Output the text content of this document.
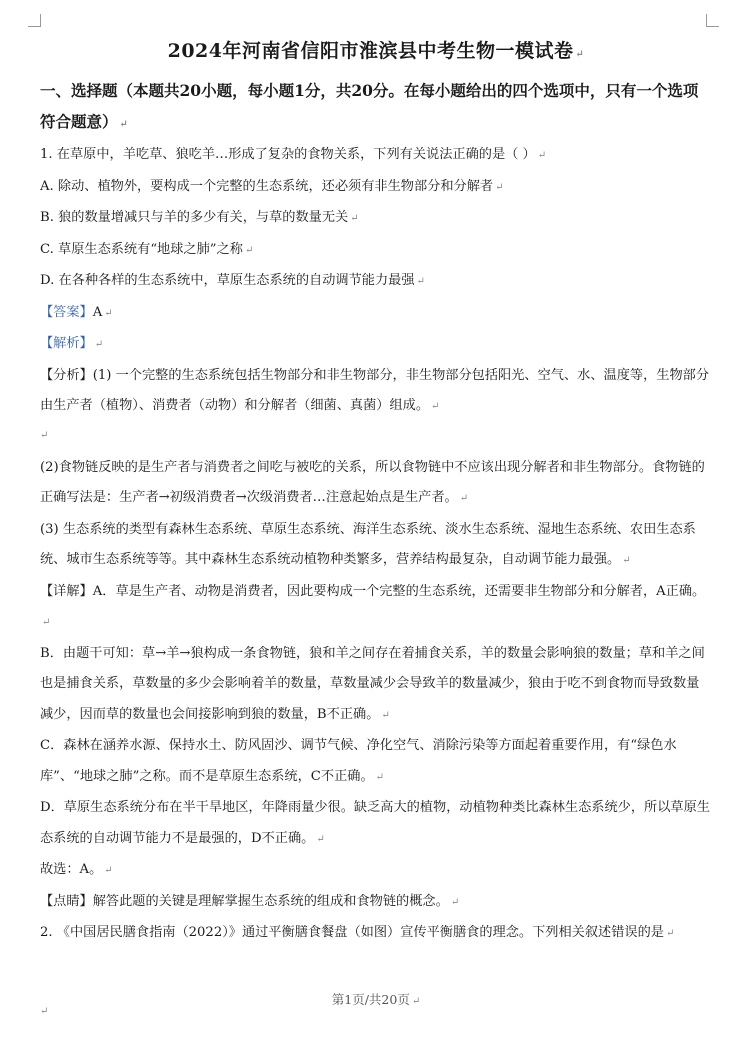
2024年河南省信阳市淮滨县中考生物一模试卷 ↵
一、选择题（本题共20小题，每小题1分，共20分。在每小题给出的四个选项中，只有一个选项符合题意） ↵

1. 在草原中，羊吃草、狼吃羊…形成了复杂的食物关系，下列有关说法正确的是（ ） ↵

A. 除动、植物外，要构成一个完整的生态系统，还必须有非生物部分和分解者 ↵

B. 狼的数量增减只与羊的多少有关，与草的数量无关 ↵

C. 草原生态系统有“地球之肺”之称 ↵

D. 在各种各样的生态系统中，草原生态系统的自动调节能力最强 ↵

【答案】A ↵

【解析】 ↵

【分析】(1) 一个完整的生态系统包括生物部分和非生物部分，非生物部分包括阳光、空气、水、温度等，生物部分由生产者（植物）、消费者（动物）和分解者（细菌、真菌）组成。 ↵

↵

(2)食物链反映的是生产者与消费者之间吃与被吃的关系，所以食物链中不应该出现分解者和非生物部分。食物链的正确写法是：生产者→初级消费者→次级消费者…注意起始点是生产者。 ↵

(3) 生态系统的类型有森林生态系统、草原生态系统、海洋生态系统、淡水生态系统、湿地生态系统、农田生态系统、城市生态系统等等。其中森林生态系统动植物种类繁多，营养结构最复杂，自动调节能力最强。 ↵

【详解】A．草是生产者、动物是消费者，因此要构成一个完整的生态系统，还需要非生物部分和分解者，A正确。↵

B．由题干可知：草→羊→狼构成一条食物链，狼和羊之间存在着捕食关系，羊的数量会影响狼的数量；草和羊之间也是捕食关系，草数量的多少会影响着羊的数量，草数量减少会导致羊的数量减少，狼由于吃不到食物而导致数量减少，因而草的数量也会间接影响到狼的数量，B不正确。 ↵

C．森林在涵养水源、保持水土、防风固沙、调节气候、净化空气、消除污染等方面起着重要作用，有“绿色水库”、“地球之肺”之称。而不是草原生态系统，C不正确。 ↵

D．草原生态系统分布在半干旱地区，年降雨量少很。缺乏高大的植物，动植物种类比森林生态系统少，所以草原生态系统的自动调节能力不是最强的，D不正确。 ↵

故选：A。 ↵

【点睛】解答此题的关键是理解掌握生态系统的组成和食物链的概念。 ↵

2. 《中国居民膳食指南（2022）》通过平衡膳食餐盘（如图）宣传平衡膳食的理念。下列相关叙述错误的是 ↵

第1页/共20页 ↵
↵
